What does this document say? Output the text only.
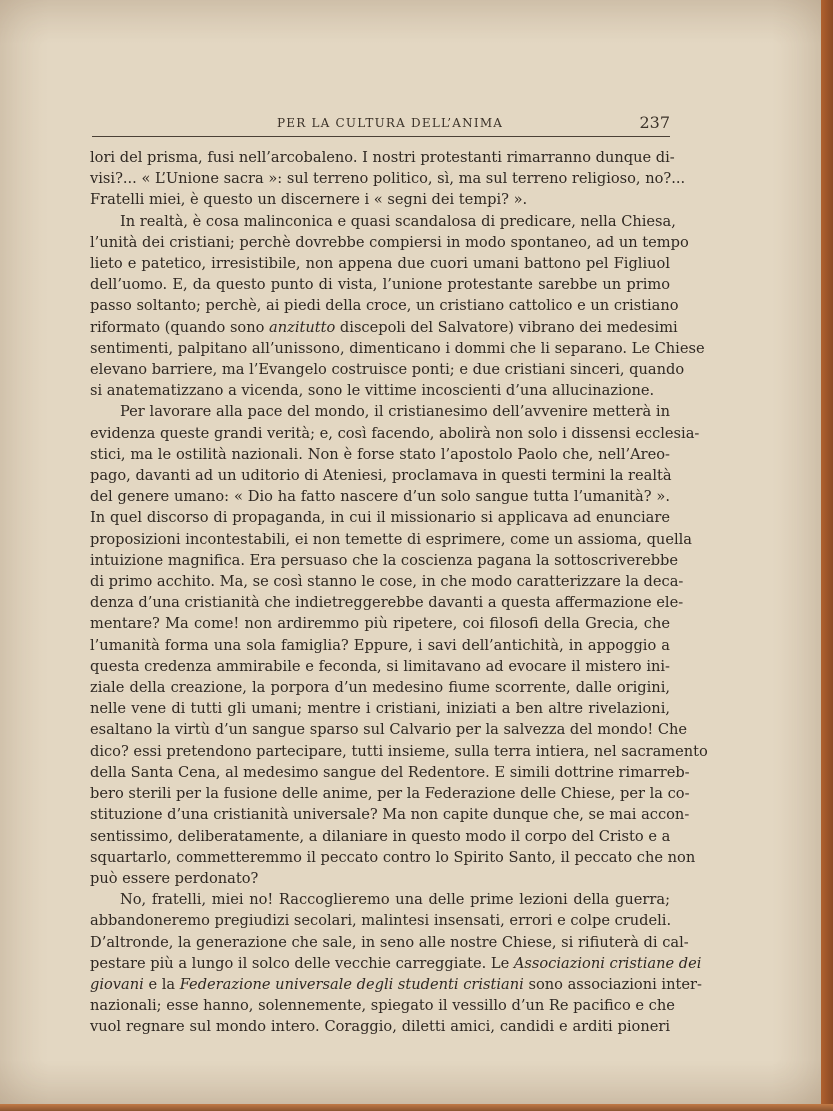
PER LA CULTURA DELL’ANIMA	237
lori del prisma, fusi nell’arcobaleno. I nostri protestanti rimarranno dunque di-
visi?... « L’Unione sacra »: sul terreno politico, sì, ma sul terreno religioso, no?...
Fratelli miei, è questo un discernere i « segni dei tempi? ».
In realtà, è cosa malinconica e quasi scandalosa di predicare, nella Chiesa,
l’unità dei cristiani; perchè dovrebbe compiersi in modo spontaneo, ad un tempo
lieto e patetico, irresistibile, non appena due cuori umani battono pel Figliuol
dell’uomo. E, da questo punto di vista, l’unione protestante sarebbe un primo
passo soltanto; perchè, ai piedi della croce, un cristiano cattolico e un cristiano
riformato (quando sono anzitutto discepoli del Salvatore) vibrano dei medesimi
sentimenti, palpitano all’unissono, dimenticano i dommi che li separano. Le Chiese
elevano barriere, ma l’Evangelo costruisce ponti; e due cristiani sinceri, quando
si anatematizzano a vicenda, sono le vittime incoscienti d’una allucinazione.
Per lavorare alla pace del mondo, il cristianesimo dell’avvenire metterà in
evidenza queste grandi verità; e, così facendo, abolirà non solo i dissensi ecclesia-
stici, ma le ostilità nazionali. Non è forse stato l’apostolo Paolo che, nell’Areo-
pago, davanti ad un uditorio di Ateniesi, proclamava in questi termini la realtà
del genere umano: « Dio ha fatto nascere d’un solo sangue tutta l’umanità? ».
In quel discorso di propaganda, in cui il missionario si applicava ad enunciare
proposizioni incontestabili, ei non temette di esprimere, come un assioma, quella
intuizione magnifica. Era persuaso che la coscienza pagana la sottoscriverebbe
di primo acchito. Ma, se così stanno le cose, in che modo caratterizzare la deca-
denza d’una cristianità che indietreggerebbe davanti a questa affermazione ele-
mentare? Ma come! non ardiremmo più ripetere, coi filosofi della Grecia, che
l’umanità forma una sola famiglia? Eppure, i savi dell’antichità, in appoggio a
questa credenza ammirabile e feconda, si limitavano ad evocare il mistero ini-
ziale della creazione, la porpora d’un medesino fiume scorrente, dalle origini,
nelle vene di tutti gli umani; mentre i cristiani, iniziati a ben altre rivelazioni,
esaltano la virtù d’un sangue sparso sul Calvario per la salvezza del mondo! Che
dico? essi pretendono partecipare, tutti insieme, sulla terra intiera, nel sacramento
della Santa Cena, al medesimo sangue del Redentore. E simili dottrine rimarreb-
bero sterili per la fusione delle anime, per la Federazione delle Chiese, per la co-
stituzione d’una cristianità universale? Ma non capite dunque che, se mai accon-
sentissimo, deliberatamente, a dilaniare in questo modo il corpo del Cristo e a
squartarlo, commetteremmo il peccato contro lo Spirito Santo, il peccato che non
può essere perdonato?
No, fratelli, miei no! Raccoglieremo una delle prime lezioni della guerra;
abbandoneremo pregiudizi secolari, malintesi insensati, errori e colpe crudeli.
D’altronde, la generazione che sale, in seno alle nostre Chiese, si rifiuterà di cal-
pestare più a lungo il solco delle vecchie carreggiate. Le Associazioni cristiane dei
giovani e la Federazione universale degli studenti cristiani sono associazioni inter-
nazionali; esse hanno, solennemente, spiegato il vessillo d’un Re pacifico e che
vuol regnare sul mondo intero. Coraggio, diletti amici, candidi e arditi pioneri
